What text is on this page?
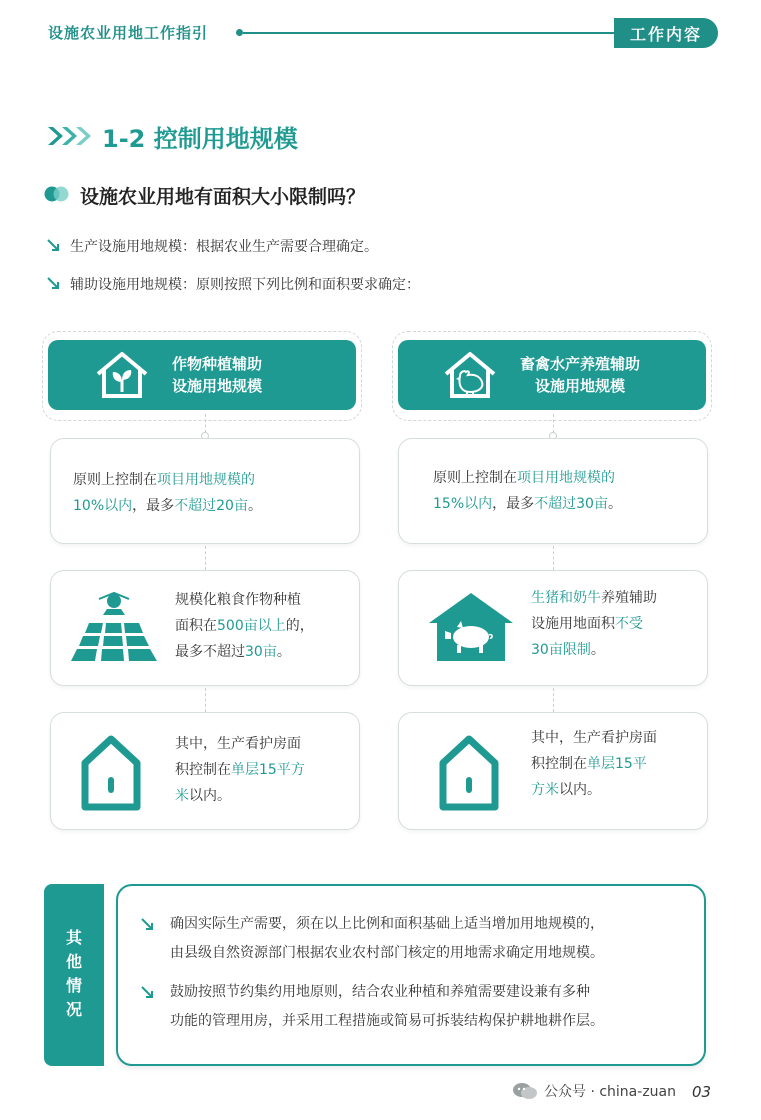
设施农业用地工作指引	工作内容
1-2 控制用地规模
设施农业用地有面积大小限制吗？
生产设施用地规模：根据农业生产需要合理确定。
辅助设施用地规模：原则按照下列比例和面积要求确定：
作物种植辅助
设施用地规模
原则上控制在项目用地规模的
10%以内，最多不超过20亩。
规模化粮食作物种植
面积在500亩以上的，
最多不超过30亩。
其中，生产看护房面
积控制在单层15平方
米以内。
畜禽水产养殖辅助
设施用地规模
原则上控制在项目用地规模的
15%以内，最多不超过30亩。
生猪和奶牛养殖辅助
设施用地面积不受
30亩限制。
其中，生产看护房面
积控制在单层15平
方米以内。
其
他
情
况
确因实际生产需要，须在以上比例和面积基础上适当增加用地规模的，
由县级自然资源部门根据农业农村部门核定的用地需求确定用地规模。
鼓励按照节约集约用地原则，结合农业种植和养殖需要建设兼有多种
功能的管理用房，并采用工程措施或简易可拆装结构保护耕地耕作层。
公众号 · china-zuan 03
